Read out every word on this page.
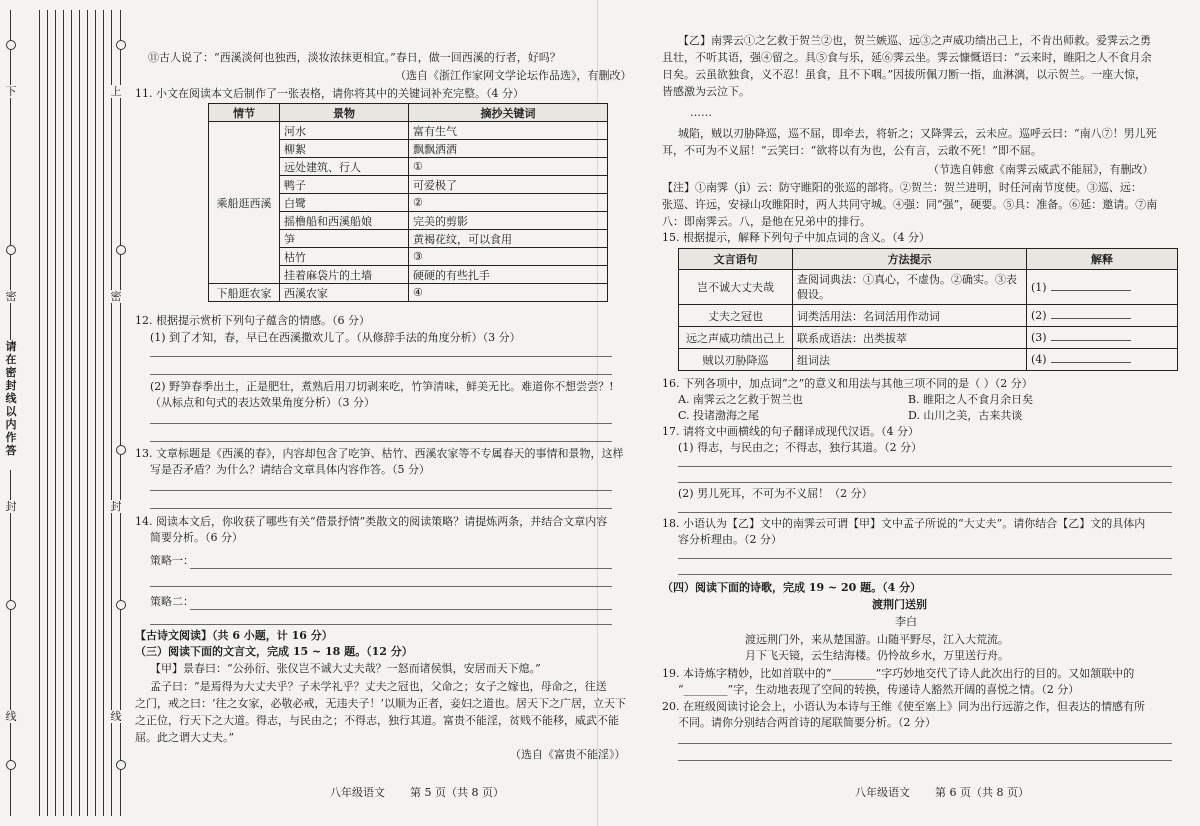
下
密
请在密封线以内作答
封
线
上
密
封
线
⑪古人说了：“西溪淡何也独西，淡妆浓抹更相宜。”春日，做一回西溪的行者，好吗？
（选自《浙江作家网文学论坛作品选》，有删改）
11. 小文在阅读本文后制作了一张表格，请你将其中的关键词补充完整。（4 分）
情节	景物	摘抄关键词
乘船逛西溪	河水	富有生气
	柳絮	飘飘洒洒
	远处建筑、行人	①
	鸭子	可爱极了
	白鹭	②
	摇橹船和西溪船娘	完美的剪影
	笋	黄褐花纹，可以食用
	枯竹	③
	挂着麻袋片的土墙	硬硬的有些扎手
下船逛农家	西溪农家	④
12. 根据提示赏析下列句子蕴含的情感。（6 分）
(1) 到了才知，春，早已在西溪撒欢儿了。（从修辞手法的角度分析）（3 分）
(2) 野笋春季出土，正是肥壮，煮熟后用刀切剥来吃，竹笋清味，鲜美无比。难道你不想尝尝？!
（从标点和句式的表达效果角度分析）（3 分）
13. 文章标题是《西溪的春》，内容却包含了吃笋、枯竹、西溪农家等不专属春天的事情和景物，这样
写是否矛盾？为什么？请结合文章具体内容作答。（5 分）
14. 阅读本文后，你收获了哪些有关“借景抒情”类散文的阅读策略？请提炼两条，并结合文章内容
简要分析。（6 分）
策略一：
策略二：
【古诗文阅读】（共 6 小题，计 16 分）
（三）阅读下面的文言文，完成 15 ~ 18 题。（12 分）
【甲】景春曰：“公孙衍、张仪岂不诚大丈夫哉？一怒而诸侯惧，安居而天下熄。”
孟子曰：“是焉得为大丈夫乎？子未学礼乎？丈夫之冠也，父命之；女子之嫁也，母命之，往送
之门，戒之曰：‘往之女家，必敬必戒，无违夫子！’以顺为正者，妾妇之道也。居天下之广居，立天下
之正位，行天下之大道。得志，与民由之；不得志，独行其道。富贵不能淫，贫贱不能移，威武不能
屈。此之谓大丈夫。”
（选自《富贵不能淫》）
八年级语文 第 5 页（共 8 页）
【乙】南霁云①之乞救于贺兰②也，贺兰嫉巡、远③之声威功绩出己上，不肯出师救。爱霁云之勇
且壮，不听其语，强④留之。具⑤食与乐，延⑥霁云坐。霁云慷慨语曰：“云来时，睢阳之人不食月余
日矣。云虽欲独食，义不忍！虽食，且不下咽。”因拔所佩刀断一指，血淋漓，以示贺兰。一座大惊，
皆感激为云泣下。
……
城陷，贼以刃胁降巡，巡不屈，即牵去，将斩之；又降霁云，云未应。巡呼云曰：“南八⑦！男儿死
耳，不可为不义屈！”云笑曰：“欲将以有为也，公有言，云敢不死！”即不屈。
（节选自韩愈《南霁云威武不能屈》，有删改）
【注】①南霁（jì）云：防守睢阳的张巡的部将。②贺兰：贺兰进明，时任河南节度使。③巡、远：
张巡、许远，安禄山攻睢阳时，两人共同守城。④强：同“强”，硬要。⑤具：准备。⑥延：邀请。⑦南
八：即南霁云。八，是他在兄弟中的排行。
15. 根据提示，解释下列句子中加点词的含义。（4 分）
文言语句	方法提示	解释
岂不诚大丈夫哉	查阅词典法：①真心，不虚伪。②确实。③表假设。	(1)
丈夫之冠也	词类活用法：名词活用作动词	(2)
远之声威功绩出己上	联系成语法：出类拔萃	(3)
贼以刃胁降巡	组词法	(4)
16. 下列各项中，加点词“之”的意义和用法与其他三项不同的是（ ）（2 分）
A. 南霁云之乞救于贺兰也	B. 睢阳之人不食月余日矣
C. 投诸渤海之尾	D. 山川之美，古来共谈
17. 请将文中画横线的句子翻译成现代汉语。（4 分）
(1) 得志，与民由之；不得志，独行其道。（2 分）
(2) 男儿死耳，不可为不义屈！（2 分）
18. 小语认为【乙】文中的南霁云可谓【甲】文中孟子所说的“大丈夫”。请你结合【乙】文的具体内
容分析理由。（2 分）
（四）阅读下面的诗歌，完成 19 ~ 20 题。（4 分）
渡荆门送别
李白
渡远荆门外，来从楚国游。山随平野尽，江入大荒流。
月下飞天镜，云生结海楼。仍怜故乡水，万里送行舟。
19. 本诗炼字精妙，比如首联中的“________”字巧妙地交代了诗人此次出行的目的。又如颔联中的
“________”字，生动地表现了空间的转换，传递诗人豁然开阔的喜悦之情。（2 分）
20. 在班级阅读讨论会上，小语认为本诗与王维《使至塞上》同为出行远游之作，但表达的情感有所
不同。请你分别结合两首诗的尾联简要分析。（2 分）
八年级语文 第 6 页（共 8 页）
